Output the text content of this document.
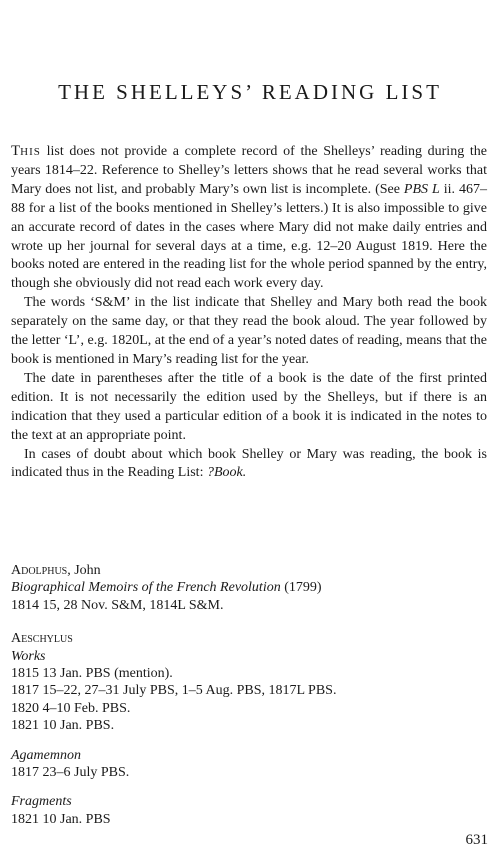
THE SHELLEYS’ READING LIST

THIS list does not provide a complete record of the Shelleys’ reading during the years 1814–22. Reference to Shelley’s letters shows that he read several works that Mary does not list, and probably Mary’s own list is incomplete. (See PBS L ii. 467–88 for a list of the books mentioned in Shelley’s letters.) It is also impossible to give an accurate record of dates in the cases where Mary did not make daily entries and wrote up her journal for several days at a time, e.g. 12–20 August 1819. Here the books noted are entered in the reading list for the whole period spanned by the entry, though she obviously did not read each work every day.

The words ‘S&M’ in the list indicate that Shelley and Mary both read the book separately on the same day, or that they read the book aloud. The year followed by the letter ‘L’, e.g. 1820L, at the end of a year’s noted dates of reading, means that the book is mentioned in Mary’s reading list for the year.

The date in parentheses after the title of a book is the date of the first printed edition. It is not necessarily the edition used by the Shelleys, but if there is an indication that they used a particular edition of a book it is indicated in the notes to the text at an appropriate point.

In cases of doubt about which book Shelley or Mary was reading, the book is indicated thus in the Reading List: ?Book.

Adolphus, John
Biographical Memoirs of the French Revolution (1799)
1814 15, 28 Nov. S&M, 1814L S&M.
Aeschylus
Works
1815 13 Jan. PBS (mention).
1817 15–22, 27–31 July PBS, 1–5 Aug. PBS, 1817L PBS.
1820 4–10 Feb. PBS.
1821 10 Jan. PBS.
Agamemnon
1817 23–6 July PBS.
Fragments
1821 10 Jan. PBS
631
